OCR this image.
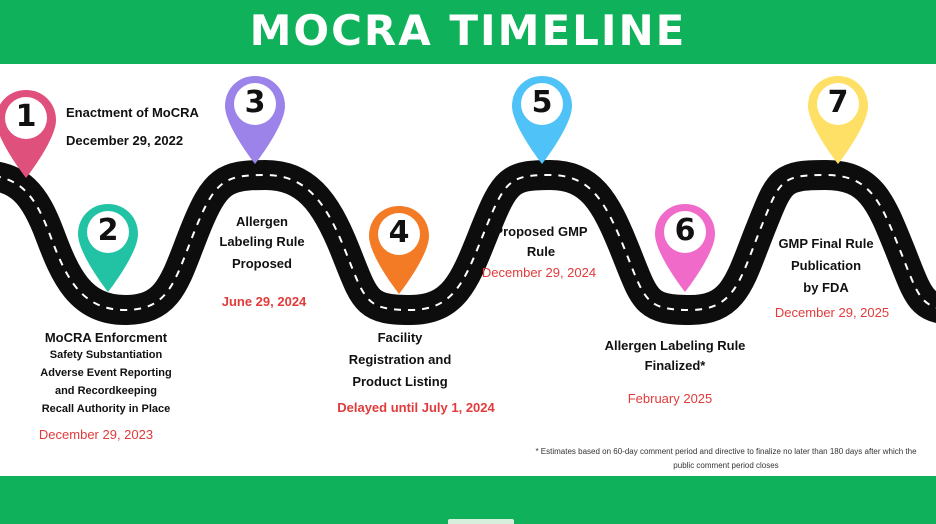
MOCRA TIMELINE
1
2
3
4
5
6
7
Enactment of MoCRA
December 29, 2022
MoCRA Enforcment
Safety Substantiation
Adverse Event Reporting
and Recordkeeping
Recall Authority in Place
December 29, 2023
Allergen
Labeling Rule
Proposed
June 29, 2024
Facility
Registration and
Product Listing
Delayed until July 1, 2024
Proposed GMP
Rule
December 29, 2024
Allergen Labeling Rule
Finalized*
February 2025
GMP Final Rule
Publication
by FDA
December 29, 2025
* Estimates based on 60-day comment period and directive to finalize no later than 180 days after which the
public comment period closes
